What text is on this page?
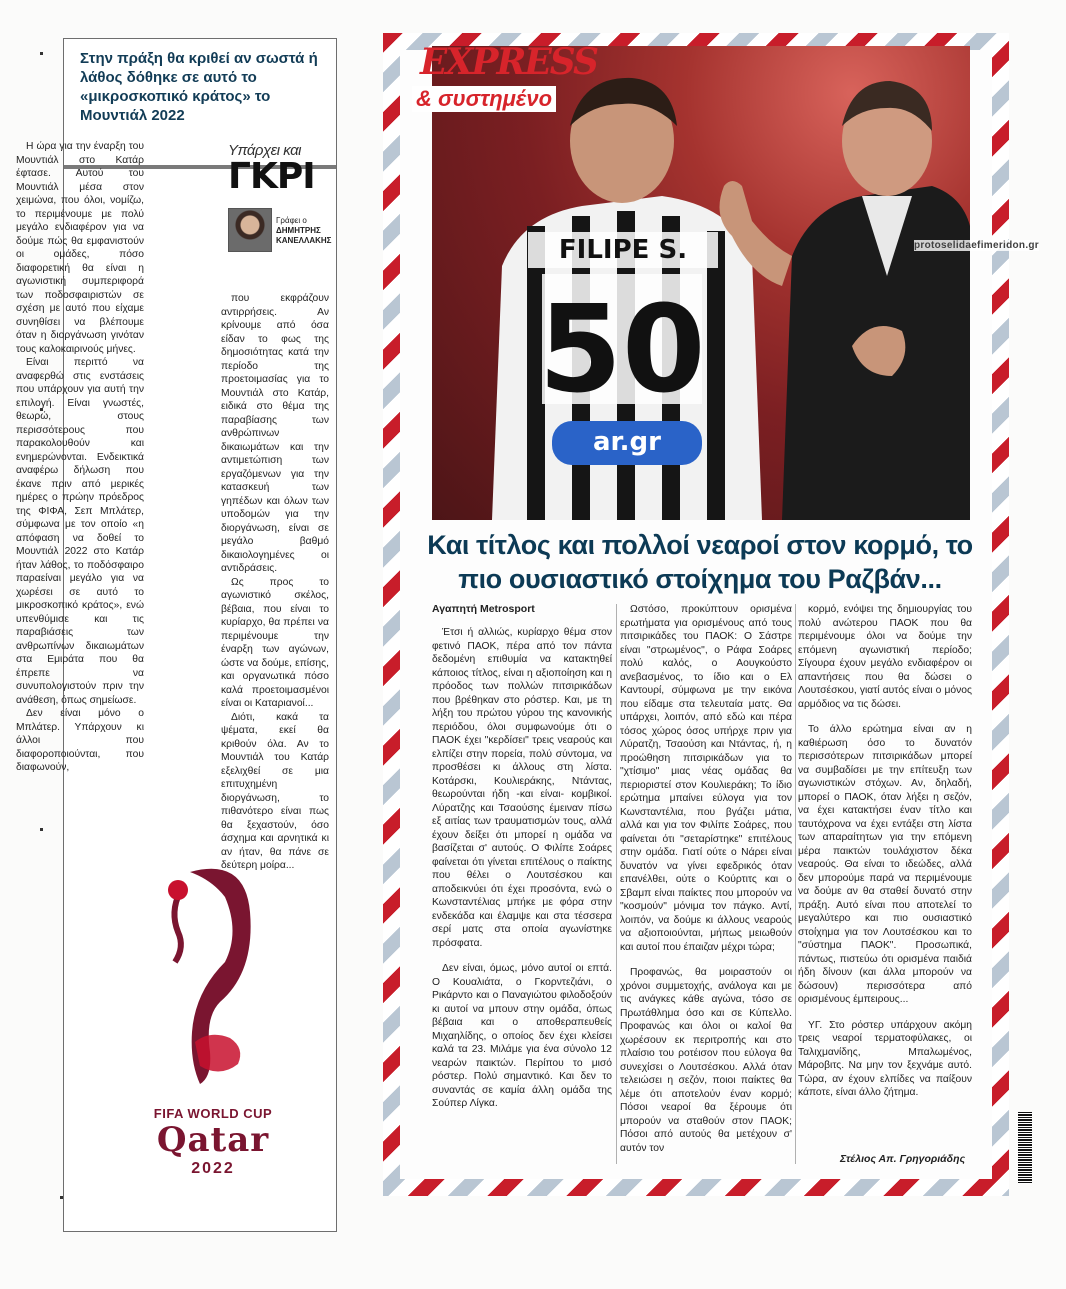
Στην πράξη θα κριθεί αν σωστά ή λάθος δόθηκε σε αυτό το «μικροσκοπικό κράτος» το Μουντιάλ 2022

Η ώρα για την έναρξη του Μουντιάλ στο Κατάρ έφτασε. Αυτού του Μουντιάλ μέσα στον χειμώνα, που όλοι, νομίζω, το περιμένουμε με πολύ μεγάλο ενδιαφέρον για να δούμε πώς θα εμφανιστούν οι ομάδες, πόσο διαφορετική θα είναι η αγωνιστική συμπεριφορά των ποδοσφαιριστών σε σχέση με αυτό που είχαμε συνηθίσει να βλέπουμε όταν η διοργάνωση γινόταν τους καλοκαιρινούς μήνες.

Είναι περιττό να αναφερθώ στις ενστάσεις που υπάρχουν για αυτή την επιλογή. Είναι γνωστές, θεωρώ, στους περισσότερους που παρακολουθούν και ενημερώνονται. Ενδεικτικά αναφέρω δήλωση που έκανε πριν από μερικές ημέρες ο πρώην πρόεδρος της ΦΙΦΑ, Σεπ Μπλάτερ, σύμφωνα με τον οποίο «η απόφαση να δοθεί το Μουντιάλ 2022 στο Κατάρ ήταν λάθος, το ποδόσφαιρο παραείναι μεγάλο για να χωρέσει σε αυτό το μικροσκοπικό κράτος», ενώ υπενθύμισε και τις παραβιάσεις των ανθρωπίνων δικαιωμάτων στα Εμιράτα που θα έπρεπε να συνυπολογιστούν πριν την ανάθεση, όπως σημείωσε.

Δεν είναι μόνο ο Μπλάτερ. Υπάρχουν κι άλλοι που διαφοροποιούνται, που διαφωνούν,

Υπάρχει και
ΓΚΡΙ
Γράφει ο
ΔΗΜΗΤΡΗΣ ΚΑΝΕΛΛΑΚΗΣ

που εκφράζουν αντιρρήσεις. Αν κρίνουμε από όσα είδαν το φως της δημοσιότητας κατά την περίοδο της προετοιμασίας για το Μουντιάλ στο Κατάρ, ειδικά στο θέμα της παραβίασης των ανθρώπινων δικαιωμάτων και την αντιμετώπιση των εργαζόμενων για την κατασκευή των γηπέδων και όλων των υποδομών για την διοργάνωση, είναι σε μεγάλο βαθμό δικαιολογημένες οι αντιδράσεις.

Ως προς το αγωνιστικό σκέλος, βέβαια, που είναι το κυρίαρχο, θα πρέπει να περιμένουμε την έναρξη των αγώνων, ώστε να δούμε, επίσης, και οργανωτικά πόσο καλά προετοιμασμένοι είναι οι Καταριανοί...

Διότι, κακά τα ψέματα, εκεί θα κριθούν όλα. Αν το Μουντιάλ του Κατάρ εξελιχθεί σε μια επιτυχημένη διοργάνωση, το πιθανότερο είναι πως θα ξεχαστούν, όσο άσχημα και αρνητικά κι αν ήταν, θα πάνε σε δεύτερη μοίρα...

FIFA WORLD CUP
Qatar
2022
FILIPE S.
50
ar.gr
EXPRESS
& συστημένο
protoselidaefimeridon.gr
Και τίτλος και πολλοί νεαροί στον κορμό, το πιο ουσιαστικό στοίχημα του Ραζβάν...
Αγαπητή Metrosport

Έτσι ή αλλιώς, κυρίαρχο θέμα στον φετινό ΠΑΟΚ, πέρα από τον πάντα δεδομένη επιθυμία να κατακτηθεί κάποιος τίτλος, είναι η αξιοποίηση και η πρόοδος των πολλών πιτσιρικάδων που βρέθηκαν στο ρόστερ. Και, με τη λήξη του πρώτου γύρου της κανονικής περιόδου, όλοι συμφωνούμε ότι ο ΠΑΟΚ έχει "κερδίσει" τρεις νεαρούς και ελπίζει στην πορεία, πολύ σύντομα, να προσθέσει κι άλλους στη λίστα. Κοτάρσκι, Κουλιεράκης, Ντάντας, θεωρούνται ήδη -και είναι- κομβικοί. Λύρατζης και Τσαούσης έμειναν πίσω εξ αιτίας των τραυματισμών τους, αλλά έχουν δείξει ότι μπορεί η ομάδα να βασίζεται σ' αυτούς. Ο Φιλίπε Σοάρες φαίνεται ότι γίνεται επιτέλους ο παίκτης που θέλει ο Λουτσέσκου και αποδεικνύει ότι έχει προσόντα, ενώ ο Κωνσταντέλιας μπήκε με φόρα στην ενδεκάδα και έλαμψε και στα τέσσερα σερί ματς στα οποία αγωνίστηκε πρόσφατα.

Δεν είναι, όμως, μόνο αυτοί οι επτά. Ο Κουαλιάτα, ο Γκορντεζιάνι, ο Ρικάρντο και ο Παναγιώτου φιλοδοξούν κι αυτοί να μπουν στην ομάδα, όπως βέβαια και ο αποθεραπευθείς Μιχαηλίδης, ο οποίος δεν έχει κλείσει καλά τα 23. Μιλάμε για ένα σύνολο 12 νεαρών παικτών. Περίπου το μισό ρόστερ. Πολύ σημαντικό. Και δεν το συναντάς σε καμία άλλη ομάδα της Σούπερ Λίγκα.

Ωστόσο, προκύπτουν ορισμένα ερωτήματα για ορισμένους από τους πιτσιρικάδες του ΠΑΟΚ: Ο Σάστρε είναι "στρωμένος", ο Ράφα Σοάρες πολύ καλός, ο Αουγκούστο ανεβασμένος, το ίδιο και ο Ελ Καντουρί, σύμφωνα με την εικόνα που είδαμε στα τελευταία ματς. Θα υπάρχει, λοιπόν, από εδώ και πέρα τόσος χώρος όσος υπήρχε πριν για Λύρατζη, Τσαούση και Ντάντας, ή, η προώθηση πιτσιρικάδων για το "χτίσιμο" μιας νέας ομάδας θα περιοριστεί στον Κουλιεράκη; Το ίδιο ερώτημα μπαίνει εύλογα για τον Κωνσταντέλια, που βγάζει μάτια, αλλά και για τον Φιλίπε Σοάρες, που φαίνεται ότι "σεταρίστηκε" επιτέλους στην ομάδα. Γιατί ούτε ο Νάρει είναι δυνατόν να γίνει εφεδρικός όταν επανέλθει, ούτε ο Κούρτιτς και ο Σβαμπ είναι παίκτες που μπορούν να "κοσμούν" μόνιμα τον πάγκο. Αντί, λοιπόν, να δούμε κι άλλους νεαρούς να αξιοποιούνται, μήπως μειωθούν και αυτοί που έπαιζαν μέχρι τώρα;

Προφανώς, θα μοιραστούν οι χρόνοι συμμετοχής, ανάλογα και με τις ανάγκες κάθε αγώνα, τόσο σε Πρωτάθλημα όσο και σε Κύπελλο. Προφανώς και όλοι οι καλοί θα χωρέσουν εκ περιτροπής και στο πλαίσιο του ροτέισον που εύλογα θα συνεχίσει ο Λουτσέσκου. Αλλά όταν τελειώσει η σεζόν, ποιοι παίκτες θα λέμε ότι αποτελούν έναν κορμό; Πόσοι νεαροί θα ξέρουμε ότι μπορούν να σταθούν στον ΠΑΟΚ; Πόσοι από αυτούς θα μετέχουν σ' αυτόν τον

κορμό, ενόψει της δημιουργίας του πολύ ανώτερου ΠΑΟΚ που θα περιμένουμε όλοι να δούμε την επόμενη αγωνιστική περίοδο; Σίγουρα έχουν μεγάλο ενδιαφέρον οι απαντήσεις που θα δώσει ο Λουτσέσκου, γιατί αυτός είναι ο μόνος αρμόδιος να τις δώσει.

Το άλλο ερώτημα είναι αν η καθιέρωση όσο το δυνατόν περισσότερων πιτσιρικάδων μπορεί να συμβαδίσει με την επίτευξη των αγωνιστικών στόχων. Αν, δηλαδή, μπορεί ο ΠΑΟΚ, όταν λήξει η σεζόν, να έχει κατακτήσει έναν τίτλο και ταυτόχρονα να έχει εντάξει στη λίστα των απαραίτητων για την επόμενη μέρα παικτών τουλάχιστον δέκα νεαρούς. Θα είναι το ιδεώδες, αλλά δεν μπορούμε παρά να περιμένουμε να δούμε αν θα σταθεί δυνατό στην πράξη. Αυτό είναι που αποτελεί το μεγαλύτερο και πιο ουσιαστικό στοίχημα για τον Λουτσέσκου και το "σύστημα ΠΑΟΚ". Προσωπικά, πάντως, πιστεύω ότι ορισμένα παιδιά ήδη δίνουν (και άλλα μπορούν να δώσουν) περισσότερα από ορισμένους έμπειρους...

ΥΓ. Στο ρόστερ υπάρχουν ακόμη τρεις νεαροί τερματοφύλακες, οι Ταλιχμανίδης, Μπαλωμένος, Μάροβιτς. Να μην τον ξεχνάμε αυτό. Τώρα, αν έχουν ελπίδες να παίξουν κάποτε, είναι άλλο ζήτημα.

Στέλιος Απ. Γρηγοριάδης
